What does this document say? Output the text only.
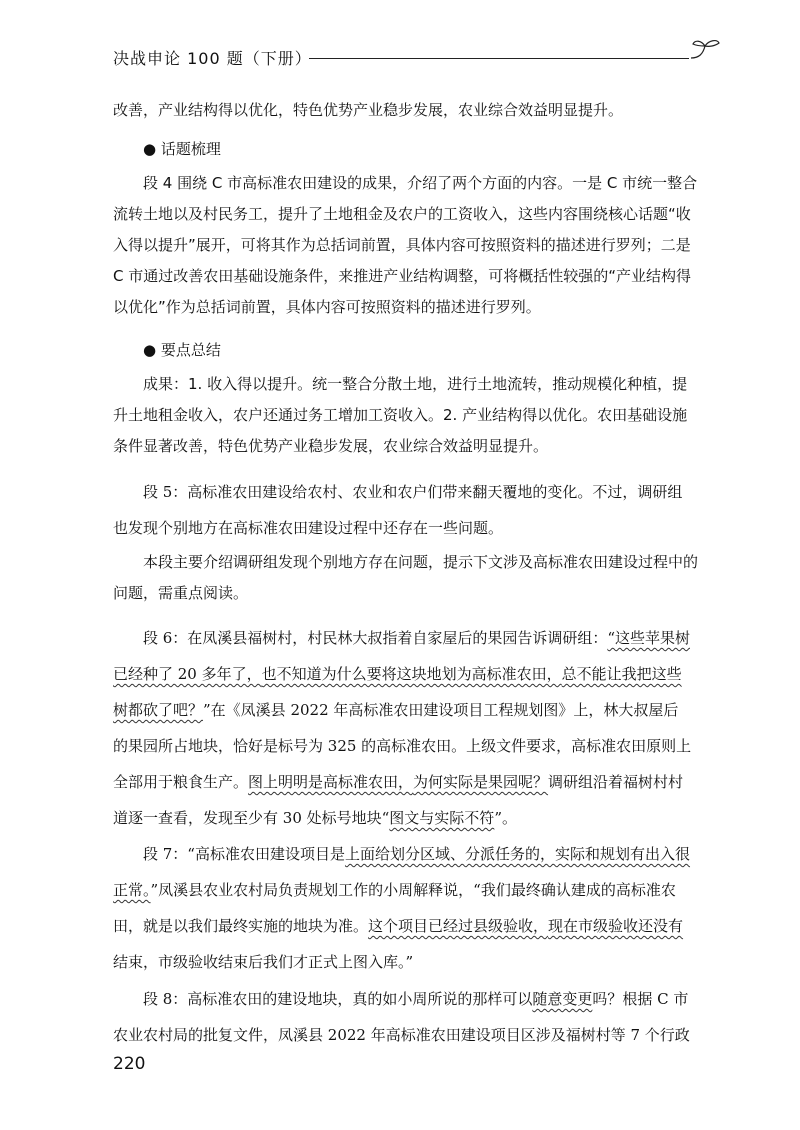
决战申论 100 题（下册）
改善，产业结构得以优化，特色优势产业稳步发展，农业综合效益明显提升。
● 话题梳理
段 4 围绕 C 市高标准农田建设的成果，介绍了两个方面的内容。一是 C 市统一整合
流转土地以及村民务工，提升了土地租金及农户的工资收入，这些内容围绕核心话题“收
入得以提升”展开，可将其作为总括词前置，具体内容可按照资料的描述进行罗列；二是
C 市通过改善农田基础设施条件，来推进产业结构调整，可将概括性较强的“产业结构得
以优化”作为总括词前置，具体内容可按照资料的描述进行罗列。
● 要点总结
成果：1. 收入得以提升。统一整合分散土地，进行土地流转，推动规模化种植，提
升土地租金收入，农户还通过务工增加工资收入。2. 产业结构得以优化。农田基础设施
条件显著改善，特色优势产业稳步发展，农业综合效益明显提升。
段 5：高标准农田建设给农村、农业和农户们带来翻天覆地的变化。不过，调研组
也发现个别地方在高标准农田建设过程中还存在一些问题。
本段主要介绍调研组发现个别地方存在问题，提示下文涉及高标准农田建设过程中的
问题，需重点阅读。
段 6：在凤溪县福树村，村民林大叔指着自家屋后的果园告诉调研组：“这些苹果树
已经种了 20 多年了，也不知道为什么要将这块地划为高标准农田，总不能让我把这些
树都砍了吧？”在《凤溪县 2022 年高标准农田建设项目工程规划图》上，林大叔屋后
的果园所占地块，恰好是标号为 325 的高标准农田。上级文件要求，高标准农田原则上
全部用于粮食生产。图上明明是高标准农田，为何实际是果园呢？调研组沿着福树村村
道逐一查看，发现至少有 30 处标号地块“图文与实际不符”。
段 7：“高标准农田建设项目是上面给划分区域、分派任务的，实际和规划有出入很
正常。”凤溪县农业农村局负责规划工作的小周解释说，“我们最终确认建成的高标准农
田，就是以我们最终实施的地块为准。这个项目已经过县级验收，现在市级验收还没有
结束，市级验收结束后我们才正式上图入库。”
段 8：高标准农田的建设地块，真的如小周所说的那样可以随意变更吗？根据 C 市
农业农村局的批复文件，凤溪县 2022 年高标准农田建设项目区涉及福树村等 7 个行政
220
